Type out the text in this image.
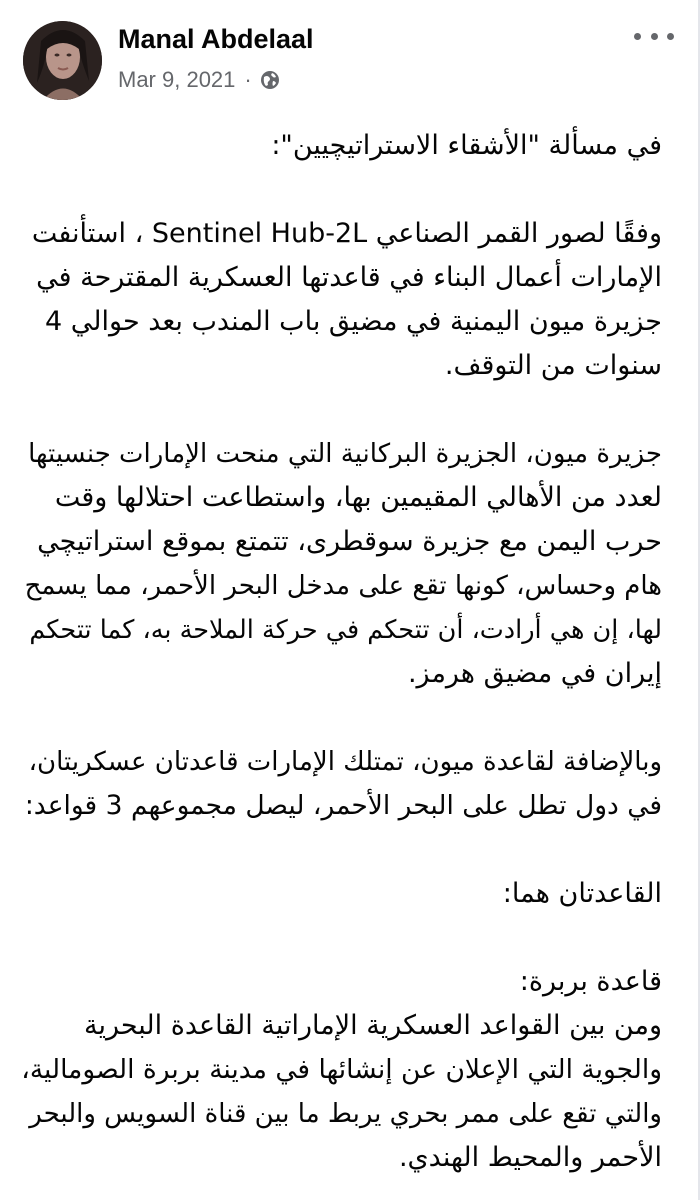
Manal Abdelaal
Mar 9, 2021 ·
في مسألة "الأشقاء الاستراتيچيين":
وفقًا لصور القمر الصناعي Sentinel Hub-2L ، استأنفت
الإمارات أعمال البناء في قاعدتها العسكرية المقترحة في
جزيرة ميون اليمنية في مضيق باب المندب بعد حوالي 4
سنوات من التوقف.
جزيرة ميون، الجزيرة البركانية التي منحت الإمارات جنسيتها
لعدد من الأهالي المقيمين بها، واستطاعت احتلالها وقت
حرب اليمن مع جزيرة سوقطرى، تتمتع بموقع استراتيچي
هام وحساس، كونها تقع على مدخل البحر الأحمر، مما يسمح
لها، إن هي أرادت، أن تتحكم في حركة الملاحة به، كما تتحكم
إيران في مضيق هرمز.
وبالإضافة لقاعدة ميون، تمتلك الإمارات قاعدتان عسكريتان،
في دول تطل على البحر الأحمر، ليصل مجموعهم 3 قواعد:
القاعدتان هما:
قاعدة بربرة:
ومن بين القواعد العسكرية الإماراتية القاعدة البحرية
والجوية التي الإعلان عن إنشائها في مدينة بربرة الصومالية،
والتي تقع على ممر بحري يربط ما بين قناة السويس والبحر
الأحمر والمحيط الهندي.
